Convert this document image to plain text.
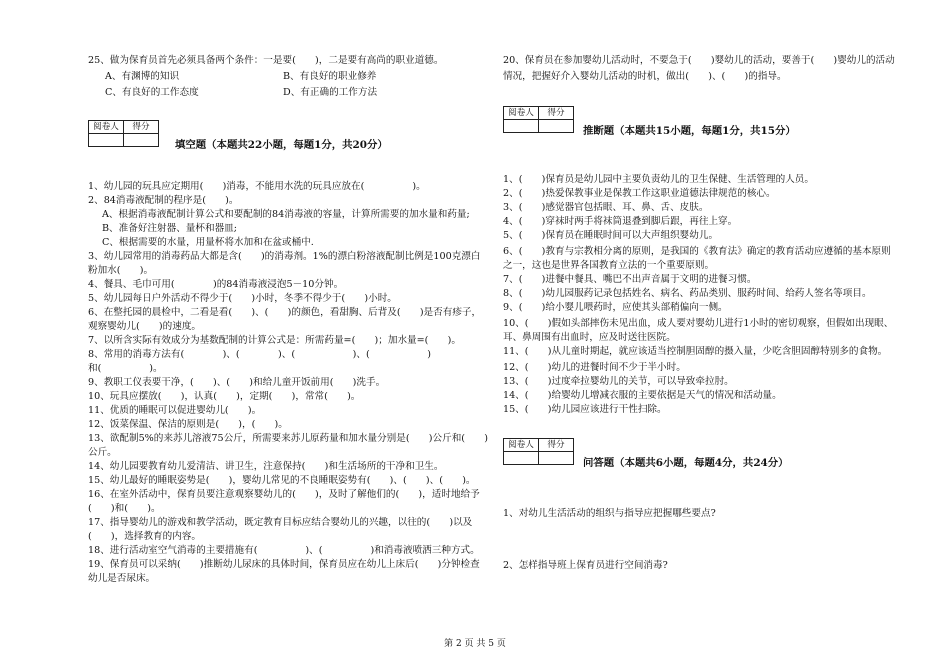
25、做为保育员首先必须具备两个条件：一是要(　　)，二是要有高尚的职业道德。
A、有渊博的知识	B、有良好的职业修养
C、有良好的工作态度	D、有正确的工作方法
阅卷人	得分

填空题（本题共22小题，每题1分，共20分）
1、幼儿园的玩具应定期用(　　)消毒，不能用水洗的玩具应放在(　　　　　)。
2、84消毒液配制的程序是(　　)。
A、根据消毒液配制计算公式和要配制的84消毒液的容量，计算所需要的加水量和药量;
B、准备好注射器、量杯和器皿;
C、根据需要的水量，用量杯将水加和在盆或桶中.
3、幼儿园常用的消毒药品大都是含(　　)的消毒剂。1%的漂白粉溶液配制比例是100克漂白
粉加水(　　)。
4、餐具、毛巾可用(　　　　)的84消毒液浸泡5－10分钟。
5、幼儿园每日户外活动不得少于(　　)小时，冬季不得少于(　　)小时。
6、在整托园的晨检中，二看是看(　　)、(　　)的颜色，看甜胸、后背及(　　)是否有疹子，
观察婴幼儿(　　)的速度。
7、以所含实际有效成分为基数配制的计算公式是：所需药量=(　　)；加水量=(　　)。
8、常用的消毒方法有(　　　　)、(　　　　)、(　　　　　　)、(　　　　　　)
和(　　　　　)。
9、教职工仪表要干净，(　　)、(　　)和给儿童开饭前用(　　)洗手。
10、玩具应摆放(　　)，认真(　　)，定期(　　)，常常(　　)。
11、优质的睡眠可以促进婴幼儿(　　)。
12、饭菜保温、保洁的原则是(　　)，(　　)。
13、欲配制5%的来苏儿溶液75公斤，所需要来苏儿原药量和加水量分别是(　　)公斤和(　　)
公斤。
14、幼儿园要教育幼儿爱清洁、讲卫生，注意保持(　　)和生活场所的干净和卫生。
15、幼儿最好的睡眠姿势是(　　)，婴幼儿常见的不良睡眠姿势有(　　)、(　　)、(　　)。
16、在室外活动中，保育员要注意观察婴幼儿的(　　)，及时了解他们的(　　)，适时地给予
(　　)和(　　)。
17、指导婴幼儿的游戏和教学活动，既定教育目标应结合婴幼儿的兴趣，以往的(　　)以及
(　　)，选择教育的内容。
18、进行活动室空气消毒的主要措施有(　　　　　)、(　　　　　)和消毒液喷洒三种方式。
19、保育员可以采纳(　　)推断幼儿尿床的具体时间，保育员应在幼儿上床后(　　)分钟检查
幼儿是否尿床。
20、保育员在参加婴幼儿活动时，不要急于(　　)婴幼儿的活动，要善于(　　)婴幼儿的活动
情况，把握好介入婴幼儿活动的时机，做出(　　)、(　　)的指导。
阅卷人	得分

推断题（本题共15小题，每题1分，共15分）
1、(　　)保育员是幼儿园中主要负责幼儿的卫生保健、生活管理的人员。
2、(　　)热爱保教事业是保教工作这职业道德法律规范的核心。
3、(　　)感觉器官包括眼、耳、鼻、舌、皮肤。
4、(　　)穿袜时两手将袜筒退叠到脚后跟，再往上穿。
5、(　　)保育员在睡眠时间可以大声组织婴幼儿。
6、(　　)教育与宗教相分离的原则，是我国的《教育法》确定的教育活动应遵循的基本原则
之一，这也是世界各国教育立法的一个重要原则。
7、(　　)进餐中餐具、嘴巴不出声音属于文明的进餐习惯。
8、(　　)幼儿园服药记录包括姓名、病名、药品类别、服药时间、给药人签名等项目。
9、(　　)给小婴儿喂药时，应使其头部稍偏向一侧。
10、(　　)假如头部摔伤未见出血，成人要对婴幼儿进行1小时的密切观察，但假如出现眼、
耳、鼻周围有出血时，应及时送往医院。
11、(　　)从儿童时期起，就应该适当控制胆固醇的摄入量，少吃含胆固醇特别多的食物。
12、(　　)幼儿的进餐时间不少于半小时。
13、(　　)过度牵拉婴幼儿的关节，可以导致牵拉肘。
14、(　　)给婴幼儿增减衣服的主要依据是天气的情况和活动量。
15、(　　)幼儿园应该进行干性扫除。
阅卷人	得分

问答题（本题共6小题，每题4分，共24分）
1、对幼儿生活活动的组织与指导应把握哪些要点?
2、怎样指导班上保育员进行空间消毒?
第 2 页 共 5 页
